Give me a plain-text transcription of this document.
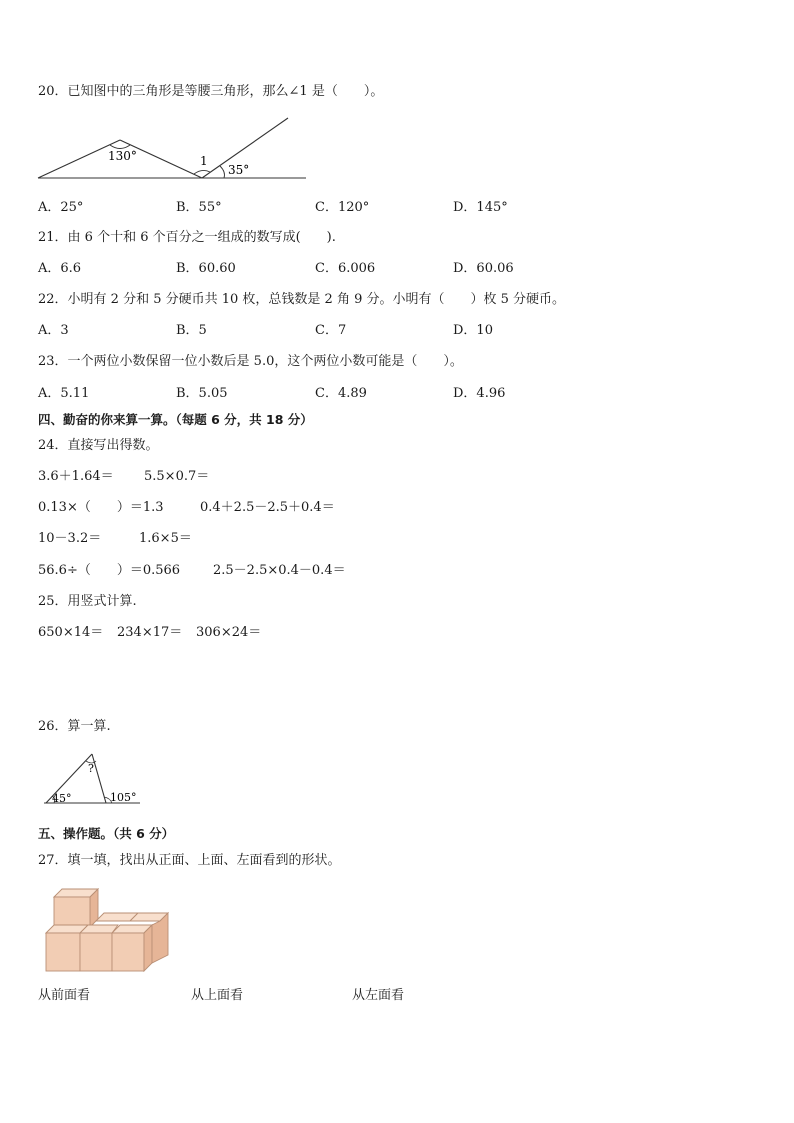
20．已知图中的三角形是等腰三角形，那么∠1 是（　　）。
130°	1
35°
A．25°	B．55°	C．120°	D．145°
21．由 6 个十和 6 个百分之一组成的数写成(　　).
A．6.6	B．60.60	C．6.006	D．60.06
22．小明有 2 分和 5 分硬币共 10 枚，总钱数是 2 角 9 分。小明有（　　）枚 5 分硬币。
A．3	B．5	C．7	D．10
23．一个两位小数保留一位小数后是 5.0，这个两位小数可能是（　　）。
A．5.11	B．5.05	C．4.89	D．4.96
四、勤奋的你来算一算。（每题 6 分，共 18 分）
24．直接写出得数。
3.6＋1.64＝ 5.5×0.7＝
0.13×（　　）＝1.3	0.4＋2.5－2.5＋0.4＝
10－3.2＝	1.6×5＝
56.6÷（　　）＝0.566	2.5－2.5×0.4－0.4＝
25．用竖式计算.
650×14＝ 234×17＝ 306×24＝
26．算一算.
?
45°	105°
五、操作题。（共 6 分）
27．填一填，找出从正面、上面、左面看到的形状。
从前面看	从上面看	从左面看
